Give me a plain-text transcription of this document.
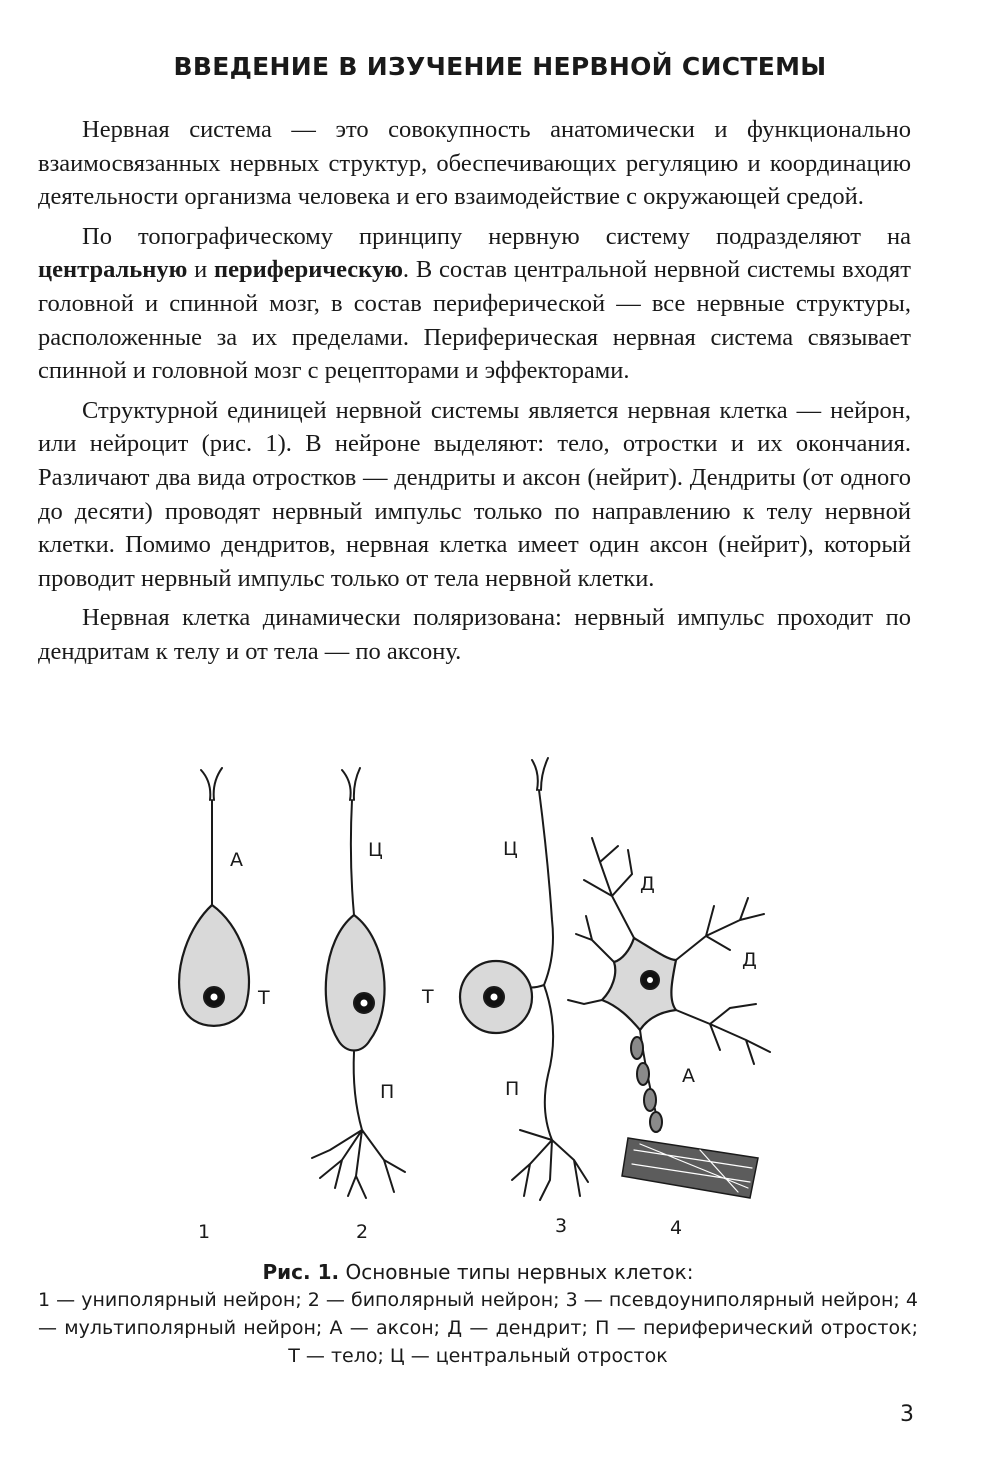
ВВЕДЕНИЕ В ИЗУЧЕНИЕ НЕРВНОЙ СИСТЕМЫ

Нервная система — это совокупность анатомически и функционально взаимосвязанных нервных структур, обеспечивающих регуляцию и координацию деятельности организма человека и его взаимодействие с окружающей средой.

По топографическому принципу нервную систему подразделяют на центральную и периферическую. В состав центральной нервной системы входят головной и спинной мозг, в состав периферической — все нервные структуры, расположенные за их пределами. Периферическая нервная система связывает спинной и головной мозг с рецепторами и эффекторами.

Структурной единицей нервной системы является нервная клетка — нейрон, или нейроцит (рис. 1). В нейроне выделяют: тело, отростки и их окончания. Различают два вида отростков — дендриты и аксон (нейрит). Дендриты (от одного до десяти) проводят нервный импульс только по направлению к телу нервной клетки. Помимо дендритов, нервная клетка имеет один аксон (нейрит), который проводит нервный импульс только от тела нервной клетки.

Нервная клетка динамически поляризована: нервный импульс проходит по дендритам к телу и от тела — по аксону.

А
Т
Ц
Т
П
Ц
П
Д
Д
А
1	2	3	4
Рис. 1. Основные типы нервных клеток:
1 — униполярный нейрон; 2 — биполярный нейрон; 3 — псевдоуниполярный нейрон; 4 — мультиполярный нейрон; А — аксон; Д — дендрит; П — периферический отросток; Т — тело; Ц — центральный отросток
3
